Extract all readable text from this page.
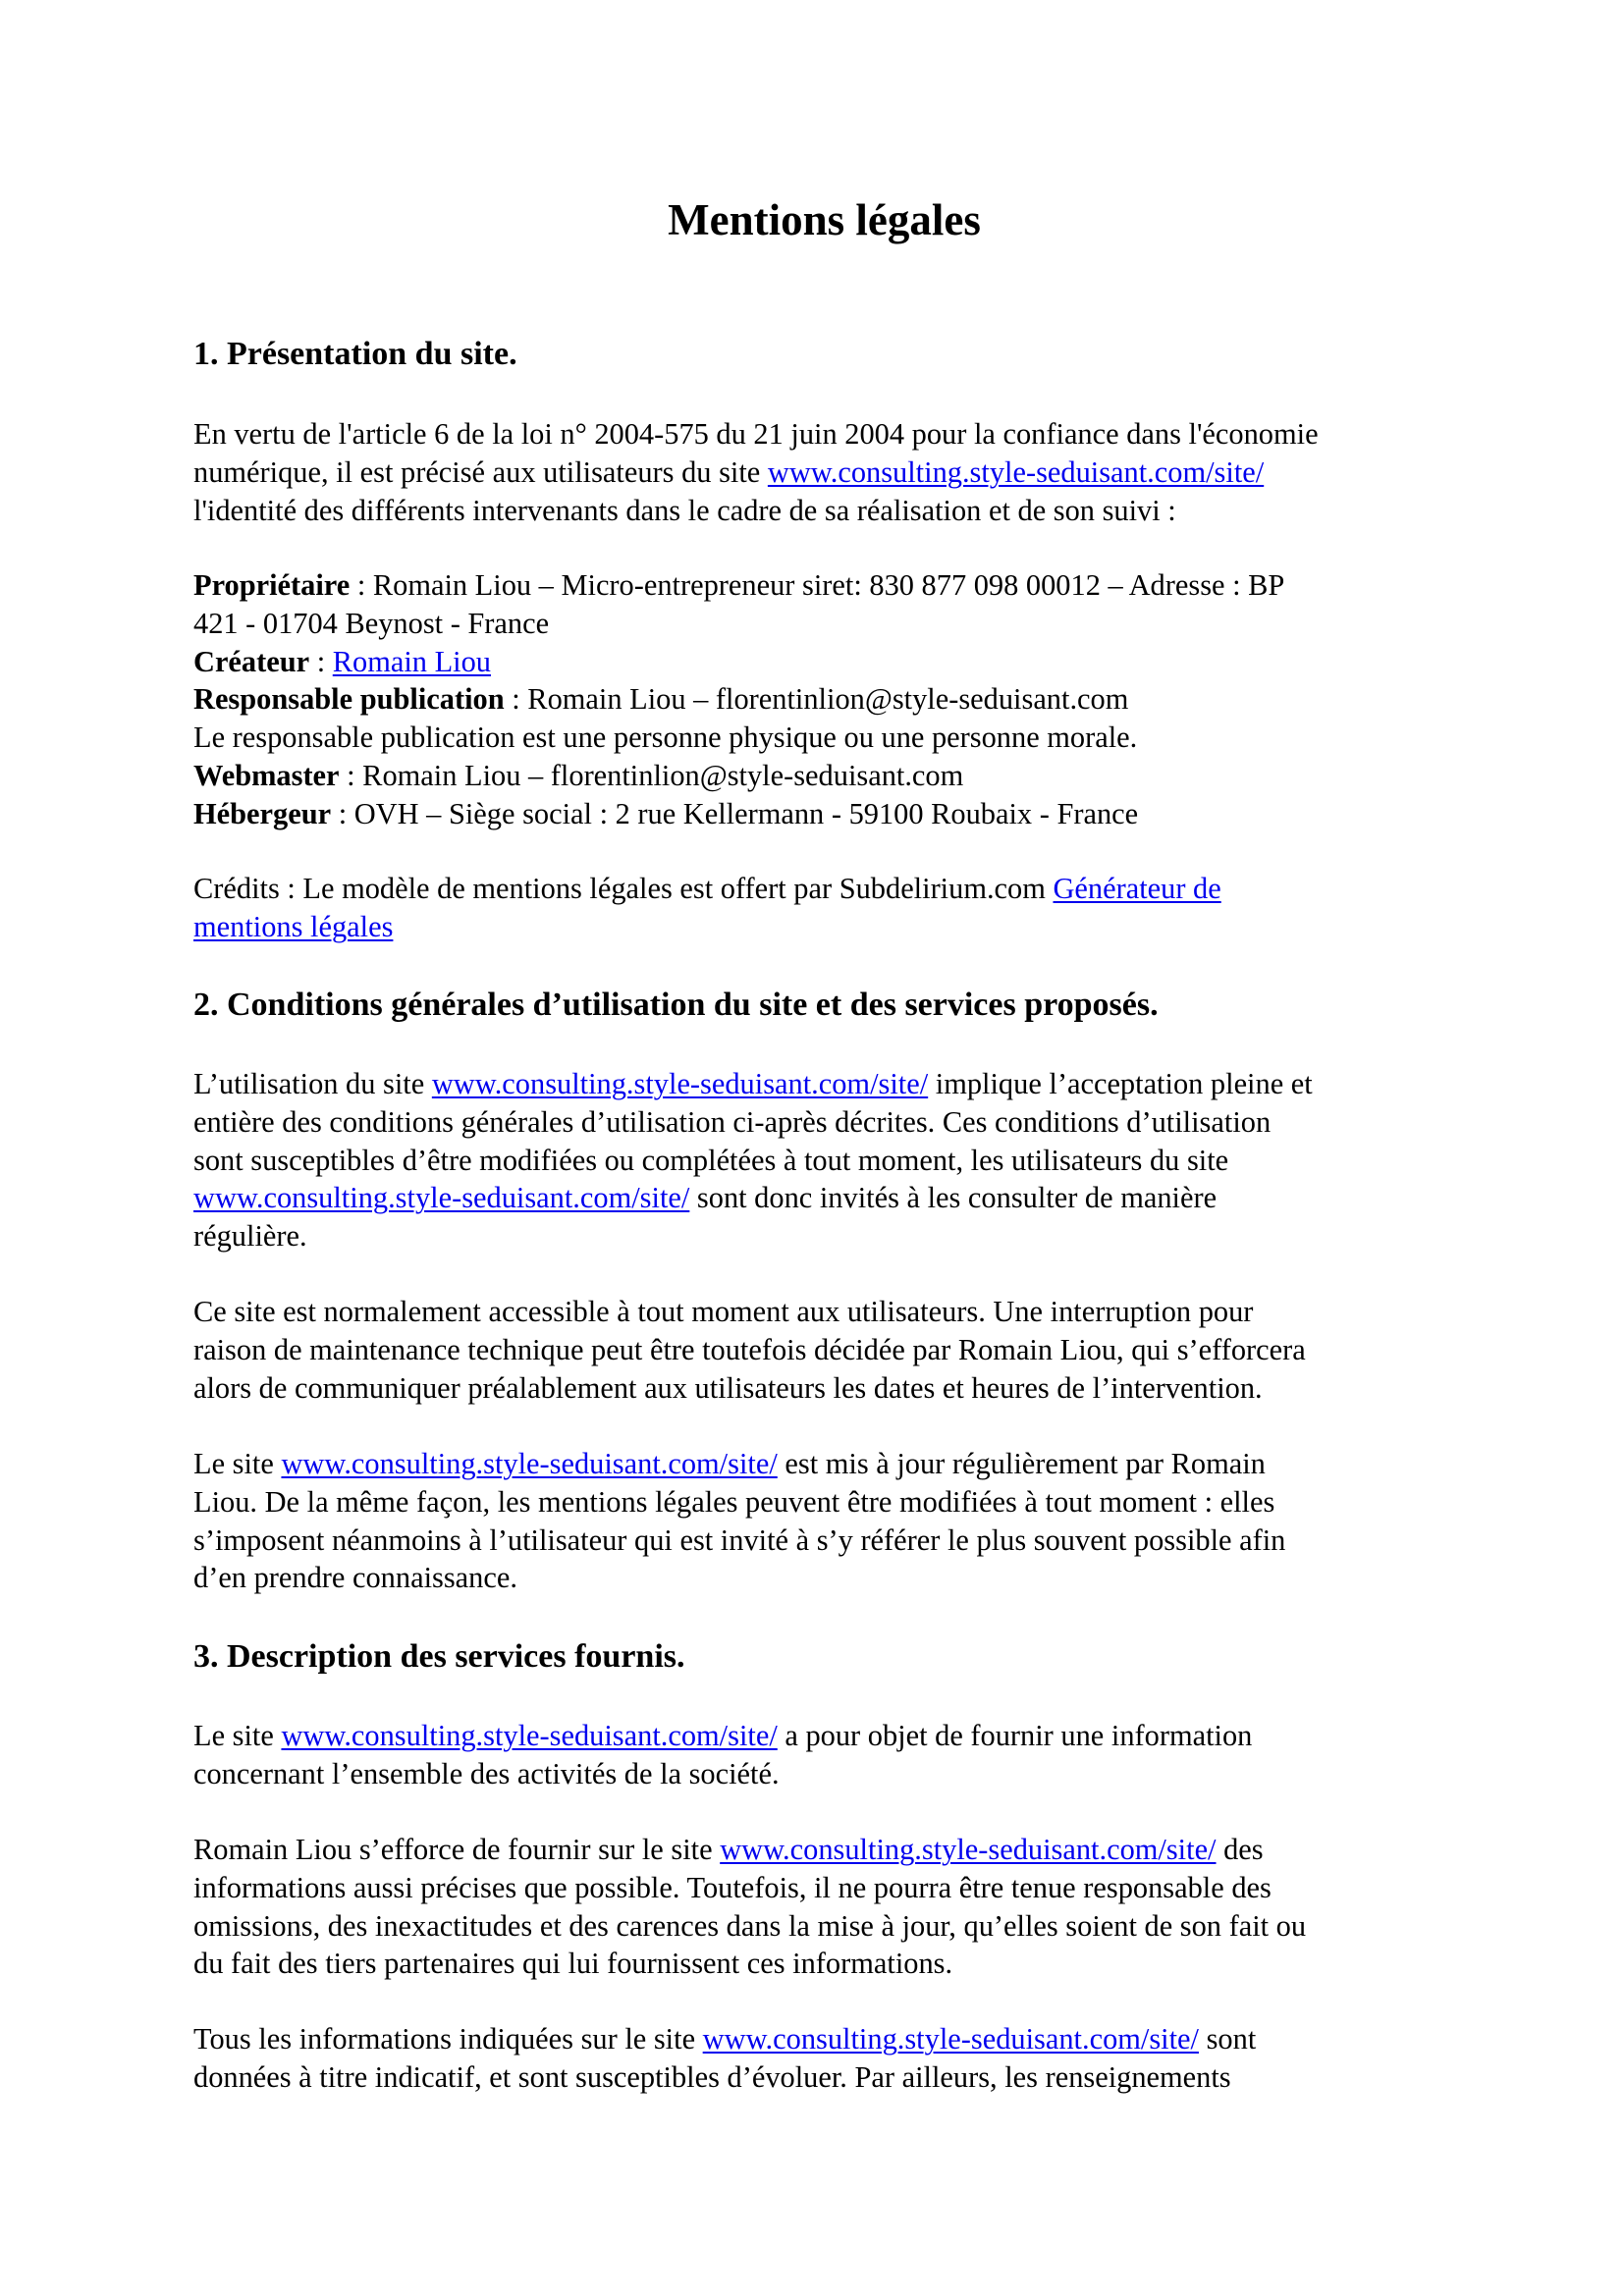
Mentions légales
1. Présentation du site.

En vertu de l'article 6 de la loi n° 2004-575 du 21 juin 2004 pour la confiance dans l'économie
numérique, il est précisé aux utilisateurs du site www.consulting.style-seduisant.com/site/
l'identité des différents intervenants dans le cadre de sa réalisation et de son suivi :

Propriétaire : Romain Liou – Micro-entrepreneur siret: 830 877 098 00012 – Adresse : BP
421 - 01704 Beynost - France
Créateur : Romain Liou
Responsable publication : Romain Liou – florentinlion@style-seduisant.com
Le responsable publication est une personne physique ou une personne morale.
Webmaster : Romain Liou – florentinlion@style-seduisant.com
Hébergeur : OVH – Siège social : 2 rue Kellermann - 59100 Roubaix - France

Crédits : Le modèle de mentions légales est offert par Subdelirium.com Générateur de
mentions légales

2. Conditions générales d’utilisation du site et des services proposés.

L’utilisation du site www.consulting.style-seduisant.com/site/ implique l’acceptation pleine et
entière des conditions générales d’utilisation ci-après décrites. Ces conditions d’utilisation
sont susceptibles d’être modifiées ou complétées à tout moment, les utilisateurs du site
www.consulting.style-seduisant.com/site/ sont donc invités à les consulter de manière
régulière.

Ce site est normalement accessible à tout moment aux utilisateurs. Une interruption pour
raison de maintenance technique peut être toutefois décidée par Romain Liou, qui s’efforcera
alors de communiquer préalablement aux utilisateurs les dates et heures de l’intervention.

Le site www.consulting.style-seduisant.com/site/ est mis à jour régulièrement par Romain
Liou. De la même façon, les mentions légales peuvent être modifiées à tout moment : elles
s’imposent néanmoins à l’utilisateur qui est invité à s’y référer le plus souvent possible afin
d’en prendre connaissance.

3. Description des services fournis.

Le site www.consulting.style-seduisant.com/site/ a pour objet de fournir une information
concernant l’ensemble des activités de la société.

Romain Liou s’efforce de fournir sur le site www.consulting.style-seduisant.com/site/ des
informations aussi précises que possible. Toutefois, il ne pourra être tenue responsable des
omissions, des inexactitudes et des carences dans la mise à jour, qu’elles soient de son fait ou
du fait des tiers partenaires qui lui fournissent ces informations.

Tous les informations indiquées sur le site www.consulting.style-seduisant.com/site/ sont
données à titre indicatif, et sont susceptibles d’évoluer. Par ailleurs, les renseignements
